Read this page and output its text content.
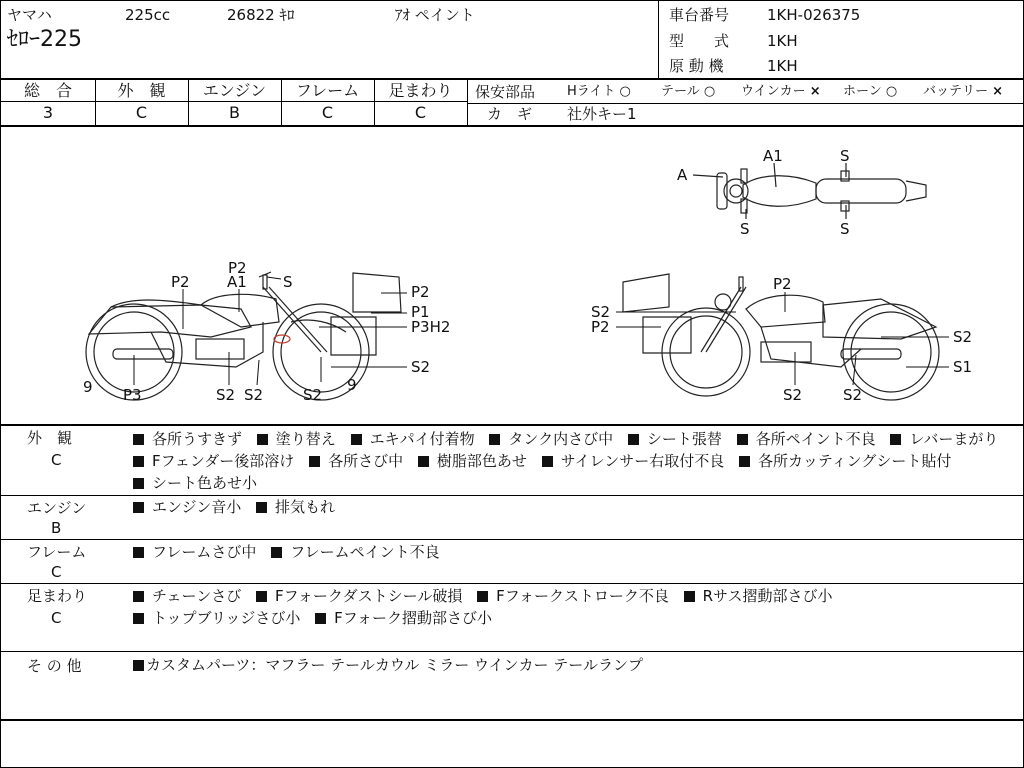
ヤマハ	225cc	26822 ｷﾛ	ｱｵ ペイント
ｾﾛｰ225
車台番号	1KH-026375
型　　式	1KH
原 動 機	1KH
総　合
3
外　観
C
エンジン
B
フレーム
C
足まわり
C
保安部品 Hライト ○ テール ○ ウインカー × ホーン ○ バッテリー ×
カ　ギ 社外キー1
A
A1	S
S	S
P2 A1 S
P2
P2
P1
P3H2
S2
9 P3	S2 S2	S2
9
P2
S2
P2
S2
S1
S2	S2
外　観
C
各所うすきず 塗り替え エキパイ付着物 タンク内さび中 シート張替 各所ペイント不良 レバーまがり Fフェンダー後部溶け 各所さび中 樹脂部色あせ サイレンサー右取付不良 各所カッティングシート貼付 シート色あせ小
エンジン
B
エンジン音小 排気もれ
フレーム
C
フレームさび中 フレームペイント不良
足まわり
C
チェーンさび Fフォークダストシール破損 Fフォークストローク不良 Rサス摺動部さび小 トップブリッジさび小 Fフォーク摺動部さび小
そ の 他	カスタムパーツ：マフラー テールカウル ミラー ウインカー テールランプ
